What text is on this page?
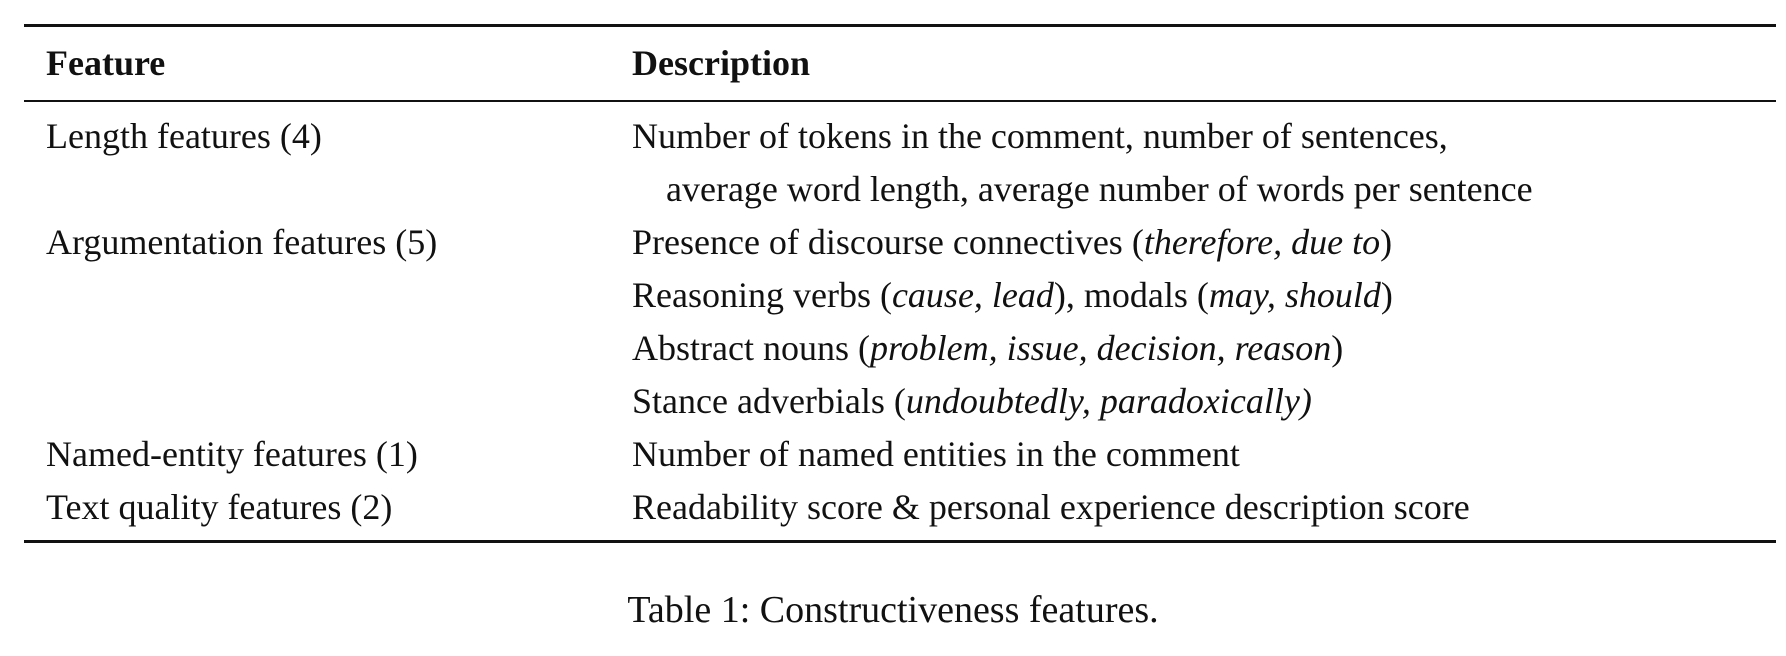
Feature	Description
Length features (4)	Number of tokens in the comment, number of sentences,
average word length, average number of words per sentence
Argumentation features (5)	Presence of discourse connectives (therefore, due to)
Reasoning verbs (cause, lead), modals (may, should)
Abstract nouns (problem, issue, decision, reason)
Stance adverbials (undoubtedly, paradoxically)
Named-entity features (1)	Number of named entities in the comment
Text quality features (2)	Readability score & personal experience description score
Table 1: Constructiveness features.
